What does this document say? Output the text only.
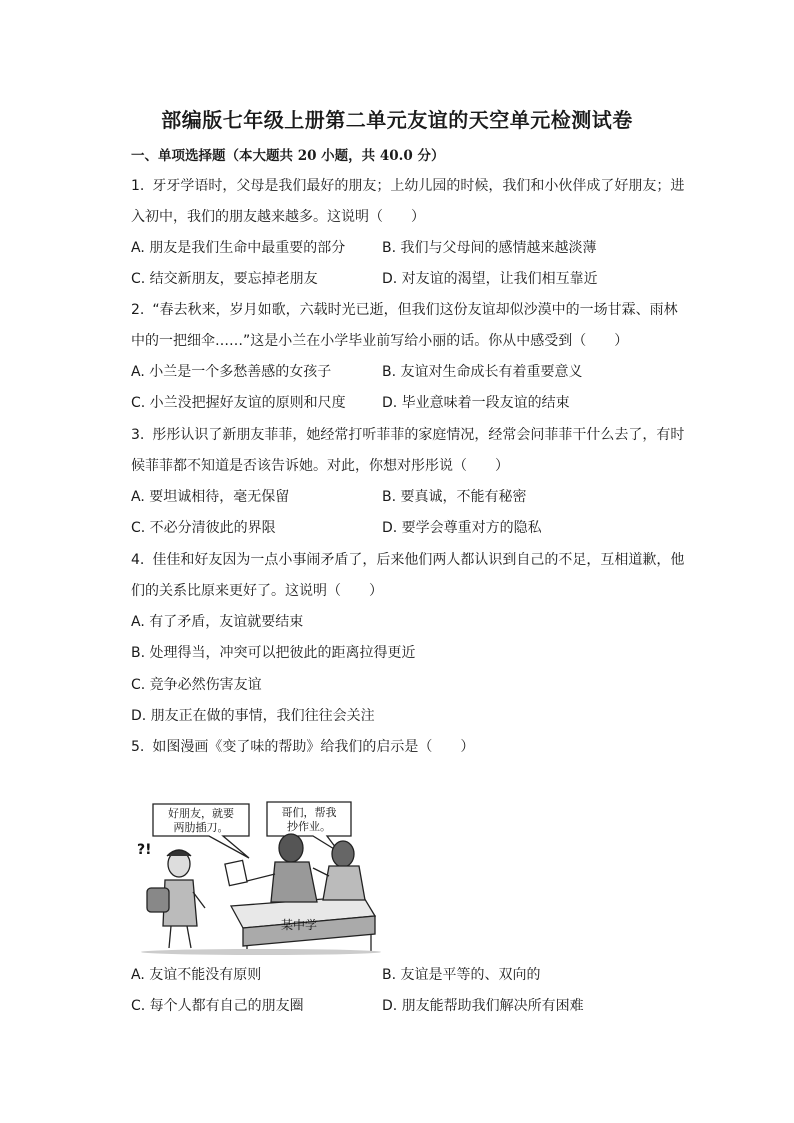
部编版七年级上册第二单元友谊的天空单元检测试卷
一、单项选择题（本大题共 20 小题，共 40.0 分）
1. 牙牙学语时，父母是我们最好的朋友；上幼儿园的时候，我们和小伙伴成了好朋友；进
入初中，我们的朋友越来越多。这说明（　　）
A. 朋友是我们生命中最重要的部分	B. 我们与父母间的感情越来越淡薄
C. 结交新朋友，要忘掉老朋友	D. 对友谊的渴望，让我们相互靠近
2. “春去秋来，岁月如歌，六载时光已逝，但我们这份友谊却似沙漠中的一场甘霖、雨林
中的一把细伞……”这是小兰在小学毕业前写给小丽的话。你从中感受到（　　）
A. 小兰是一个多愁善感的女孩子	B. 友谊对生命成长有着重要意义
C. 小兰没把握好友谊的原则和尺度	D. 毕业意味着一段友谊的结束
3. 彤彤认识了新朋友菲菲，她经常打听菲菲的家庭情况，经常会问菲菲干什么去了，有时
候菲菲都不知道是否该告诉她。对此，你想对彤彤说（　　）
A. 要坦诚相待，毫无保留	B. 要真诚，不能有秘密
C. 不必分清彼此的界限	D. 要学会尊重对方的隐私
4. 佳佳和好友因为一点小事闹矛盾了，后来他们两人都认识到自己的不足，互相道歉，他
们的关系比原来更好了。这说明（　　）
A. 有了矛盾，友谊就要结束
B. 处理得当，冲突可以把彼此的距离拉得更近
C. 竞争必然伤害友谊
D. 朋友正在做的事情，我们往往会关注
5. 如图漫画《变了味的帮助》给我们的启示是（　　）
好朋友，就要
两肋插刀。
哥们，帮我
抄作业。
?!
某中学
A. 友谊不能没有原则	B. 友谊是平等的、双向的
C. 每个人都有自己的朋友圈	D. 朋友能帮助我们解决所有困难
